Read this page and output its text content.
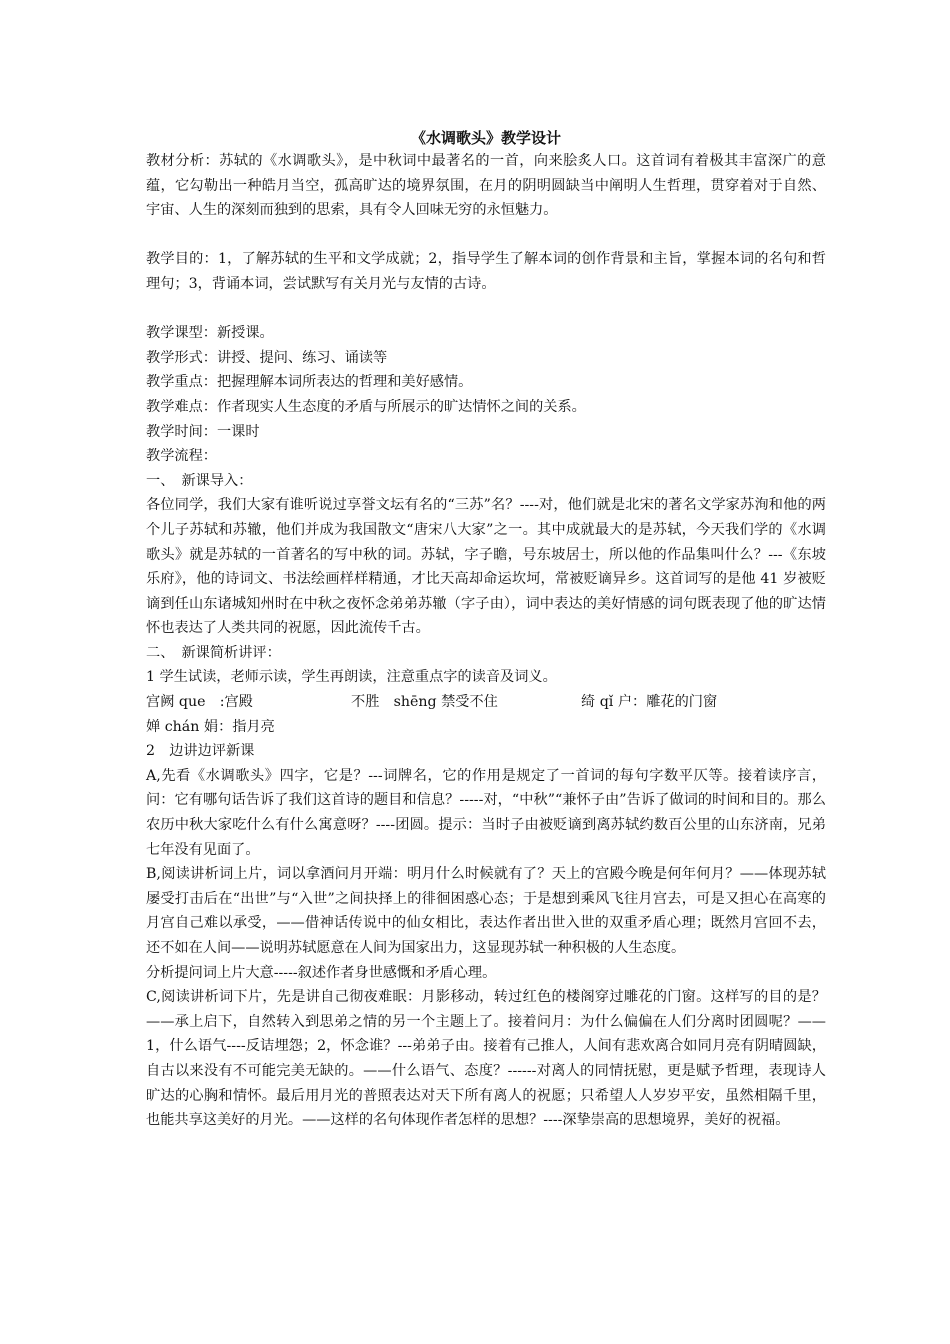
《水调歌头》教学设计

教材分析：苏轼的《水调歌头》，是中秋词中最著名的一首，向来脍炙人口。这首词有着极其丰富深广的意蕴，它勾勒出一种皓月当空，孤高旷达的境界氛围，在月的阴明圆缺当中阐明人生哲理，贯穿着对于自然、宇宙、人生的深刻而独到的思索，具有令人回味无穷的永恒魅力。

教学目的：1，了解苏轼的生平和文学成就；2，指导学生了解本词的创作背景和主旨，掌握本词的名句和哲理句；3，背诵本词，尝试默写有关月光与友情的古诗。

教学课型：新授课。

教学形式：讲授、提问、练习、诵读等

教学重点：把握理解本词所表达的哲理和美好感情。

教学难点：作者现实人生态度的矛盾与所展示的旷达情怀之间的关系。

教学时间：一课时

教学流程：

一、　新课导入：

各位同学，我们大家有谁听说过享誉文坛有名的“三苏”名？----对，他们就是北宋的著名文学家苏洵和他的两个儿子苏轼和苏辙，他们并成为我国散文“唐宋八大家”之一。其中成就最大的是苏轼，今天我们学的《水调歌头》就是苏轼的一首著名的写中秋的词。苏轼，字子瞻，号东坡居士，所以他的作品集叫什么？---《东坡乐府》，他的诗词文、书法绘画样样精通，才比天高却命运坎坷，常被贬谪异乡。这首词写的是他 41 岁被贬谪到任山东诸城知州时在中秋之夜怀念弟弟苏辙（字子由），词中表达的美好情感的词句既表现了他的旷达情怀也表达了人类共同的祝愿，因此流传千古。

二、　新课简析讲评：

1 学生试读，老师示读，学生再朗读，注意重点字的读音及词义。

宫阙 que　:宫殿	不胜　shēng 禁受不住	绮 qǐ 户：雕花的门窗

婵 chán 娟：指月亮

2　边讲边评新课

A,先看《水调歌头》四字，它是？---词牌名，它的作用是规定了一首词的每句字数平仄等。接着读序言，问：它有哪句话告诉了我们这首诗的题目和信息？-----对，“中秋”“兼怀子由”告诉了做词的时间和目的。那么农历中秋大家吃什么有什么寓意呀？----团圆。提示：当时子由被贬谪到离苏轼约数百公里的山东济南，兄弟七年没有见面了。

B,阅读讲析词上片，词以拿酒问月开端：明月什么时候就有了？天上的宫殿今晚是何年何月？——体现苏轼屡受打击后在“出世”与“入世”之间抉择上的徘徊困惑心态；于是想到乘风飞往月宫去，可是又担心在高寒的月宫自己难以承受，——借神话传说中的仙女相比，表达作者出世入世的双重矛盾心理；既然月宫回不去，还不如在人间——说明苏轼愿意在人间为国家出力，这显现苏轼一种积极的人生态度。

分析提问词上片大意-----叙述作者身世感慨和矛盾心理。

C,阅读讲析词下片，先是讲自己彻夜难眠：月影移动，转过红色的楼阁穿过雕花的门窗。这样写的目的是？——承上启下，自然转入到思弟之情的另一个主题上了。接着问月：为什么偏偏在人们分离时团圆呢？——1，什么语气----反诘埋怨；2，怀念谁？---弟弟子由。接着有己推人，人间有悲欢离合如同月亮有阴晴圆缺，自古以来没有不可能完美无缺的。——什么语气、态度？------对离人的同情抚慰，更是赋予哲理，表现诗人旷达的心胸和情怀。最后用月光的普照表达对天下所有离人的祝愿；只希望人人岁岁平安，虽然相隔千里，也能共享这美好的月光。——这样的名句体现作者怎样的思想？----深挚崇高的思想境界，美好的祝福。
